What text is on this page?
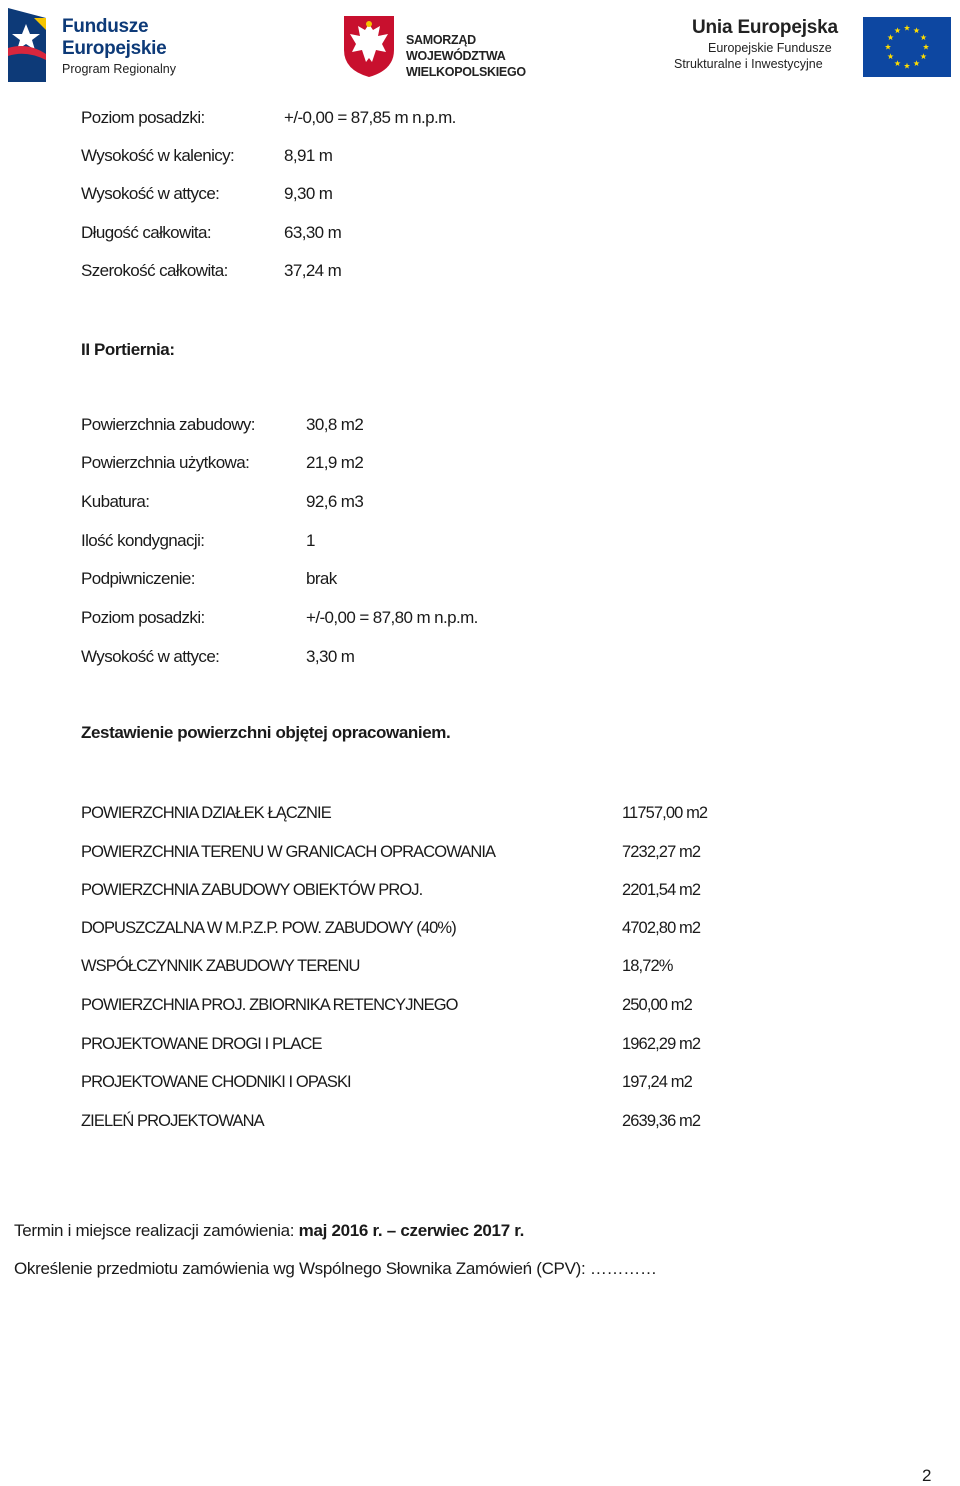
Fundusze
Europejskie
Program Regionalny
SAMORZĄD WOJEWÓDZTWA
WIELKOPOLSKIEGO
Unia Europejska
Europejskie Fundusze
Strukturalne i Inwestycyjne
Poziom posadzki:	+/-0,00 = 87,85 m n.p.m.
Wysokość w kalenicy:	8,91 m
Wysokość w attyce:	9,30 m
Długość całkowita:	63,30 m
Szerokość całkowita:	37,24 m
II Portiernia:
Powierzchnia zabudowy:	30,8 m2
Powierzchnia użytkowa:	21,9 m2
Kubatura:	92,6 m3
Ilość kondygnacji:	1
Podpiwniczenie:	brak
Poziom posadzki:	+/-0,00 = 87,80 m n.p.m.
Wysokość w attyce:	3,30 m
Zestawienie powierzchni objętej opracowaniem.
POWIERZCHNIA DZIAŁEK ŁĄCZNIE	11757,00 m2
POWIERZCHNIA TERENU W GRANICACH OPRACOWANIA	7232,27 m2
POWIERZCHNIA ZABUDOWY OBIEKTÓW PROJ.	2201,54 m2
DOPUSZCZALNA W M.P.Z.P. POW. ZABUDOWY (40%)	4702,80 m2
WSPÓŁCZYNNIK ZABUDOWY TERENU	18,72%
POWIERZCHNIA PROJ. ZBIORNIKA RETENCYJNEGO	250,00 m2
PROJEKTOWANE DROGI I PLACE	1962,29 m2
PROJEKTOWANE CHODNIKI I OPASKI	197,24 m2
ZIELEŃ PROJEKTOWANA	2639,36 m2
Termin i miejsce realizacji zamówienia: maj 2016 r. – czerwiec 2017 r.
Określenie przedmiotu zamówienia wg Wspólnego Słownika Zamówień (CPV): …………
2
